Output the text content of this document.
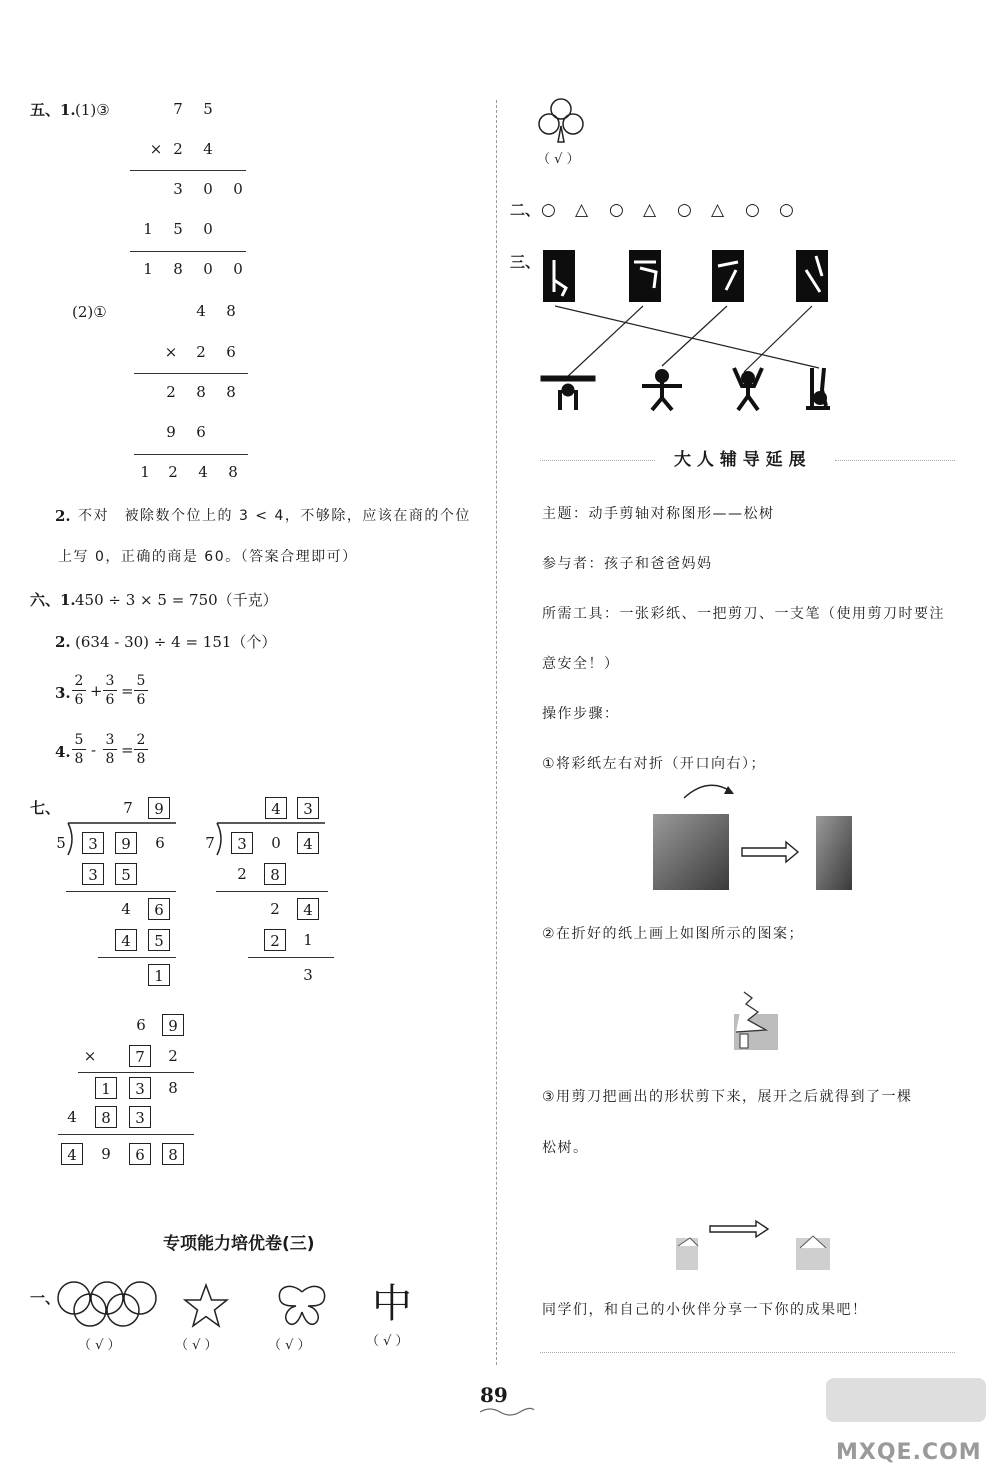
五、1. (1)③	7	5
× 2	4
3	0	0
1	5	0
1	8	0	0
(2)①	4	8
×	2	6
2	8	8
9	6
1	2	4	8
2. 不对　被除数个位上的 3 < 4，不够除，应该在商的个位
上写 0，正确的商是 60。（答案合理即可）
六、1. 450 ÷ 3 × 5 = 750（千克）
2. (634 - 30) ÷ 4 = 151（个）
3.
2
6 +
3
6 =
5
6
4.
5
8 -
3
8 =
2
8
七、	7	9
5	3	9	6
3	5
4	6
4	5
1
4	3
7	3	0	4
2	8
2	4
2	1
3
6	9
×	7	2
1	3	8
4	8	3
4	9	6	8
专项能力培优卷(三)
一、
（ √ ）	（ √ ）	（ √ ）
中
（ √ ）
（ √ ）
二、 ○ △ ○ △ ○ △ ○ ○
三、
大 人 辅 导 延 展
主题：动手剪轴对称图形——松树
参与者：孩子和爸爸妈妈
所需工具：一张彩纸、一把剪刀、一支笔（使用剪刀时要注
意安全！）
操作步骤：
①将彩纸左右对折（开口向右）；
②在折好的纸上画上如图所示的图案；
③用剪刀把画出的形状剪下来，展开之后就得到了一棵
松树。
同学们，和自己的小伙伴分享一下你的成果吧！
89
MXQE.COM
